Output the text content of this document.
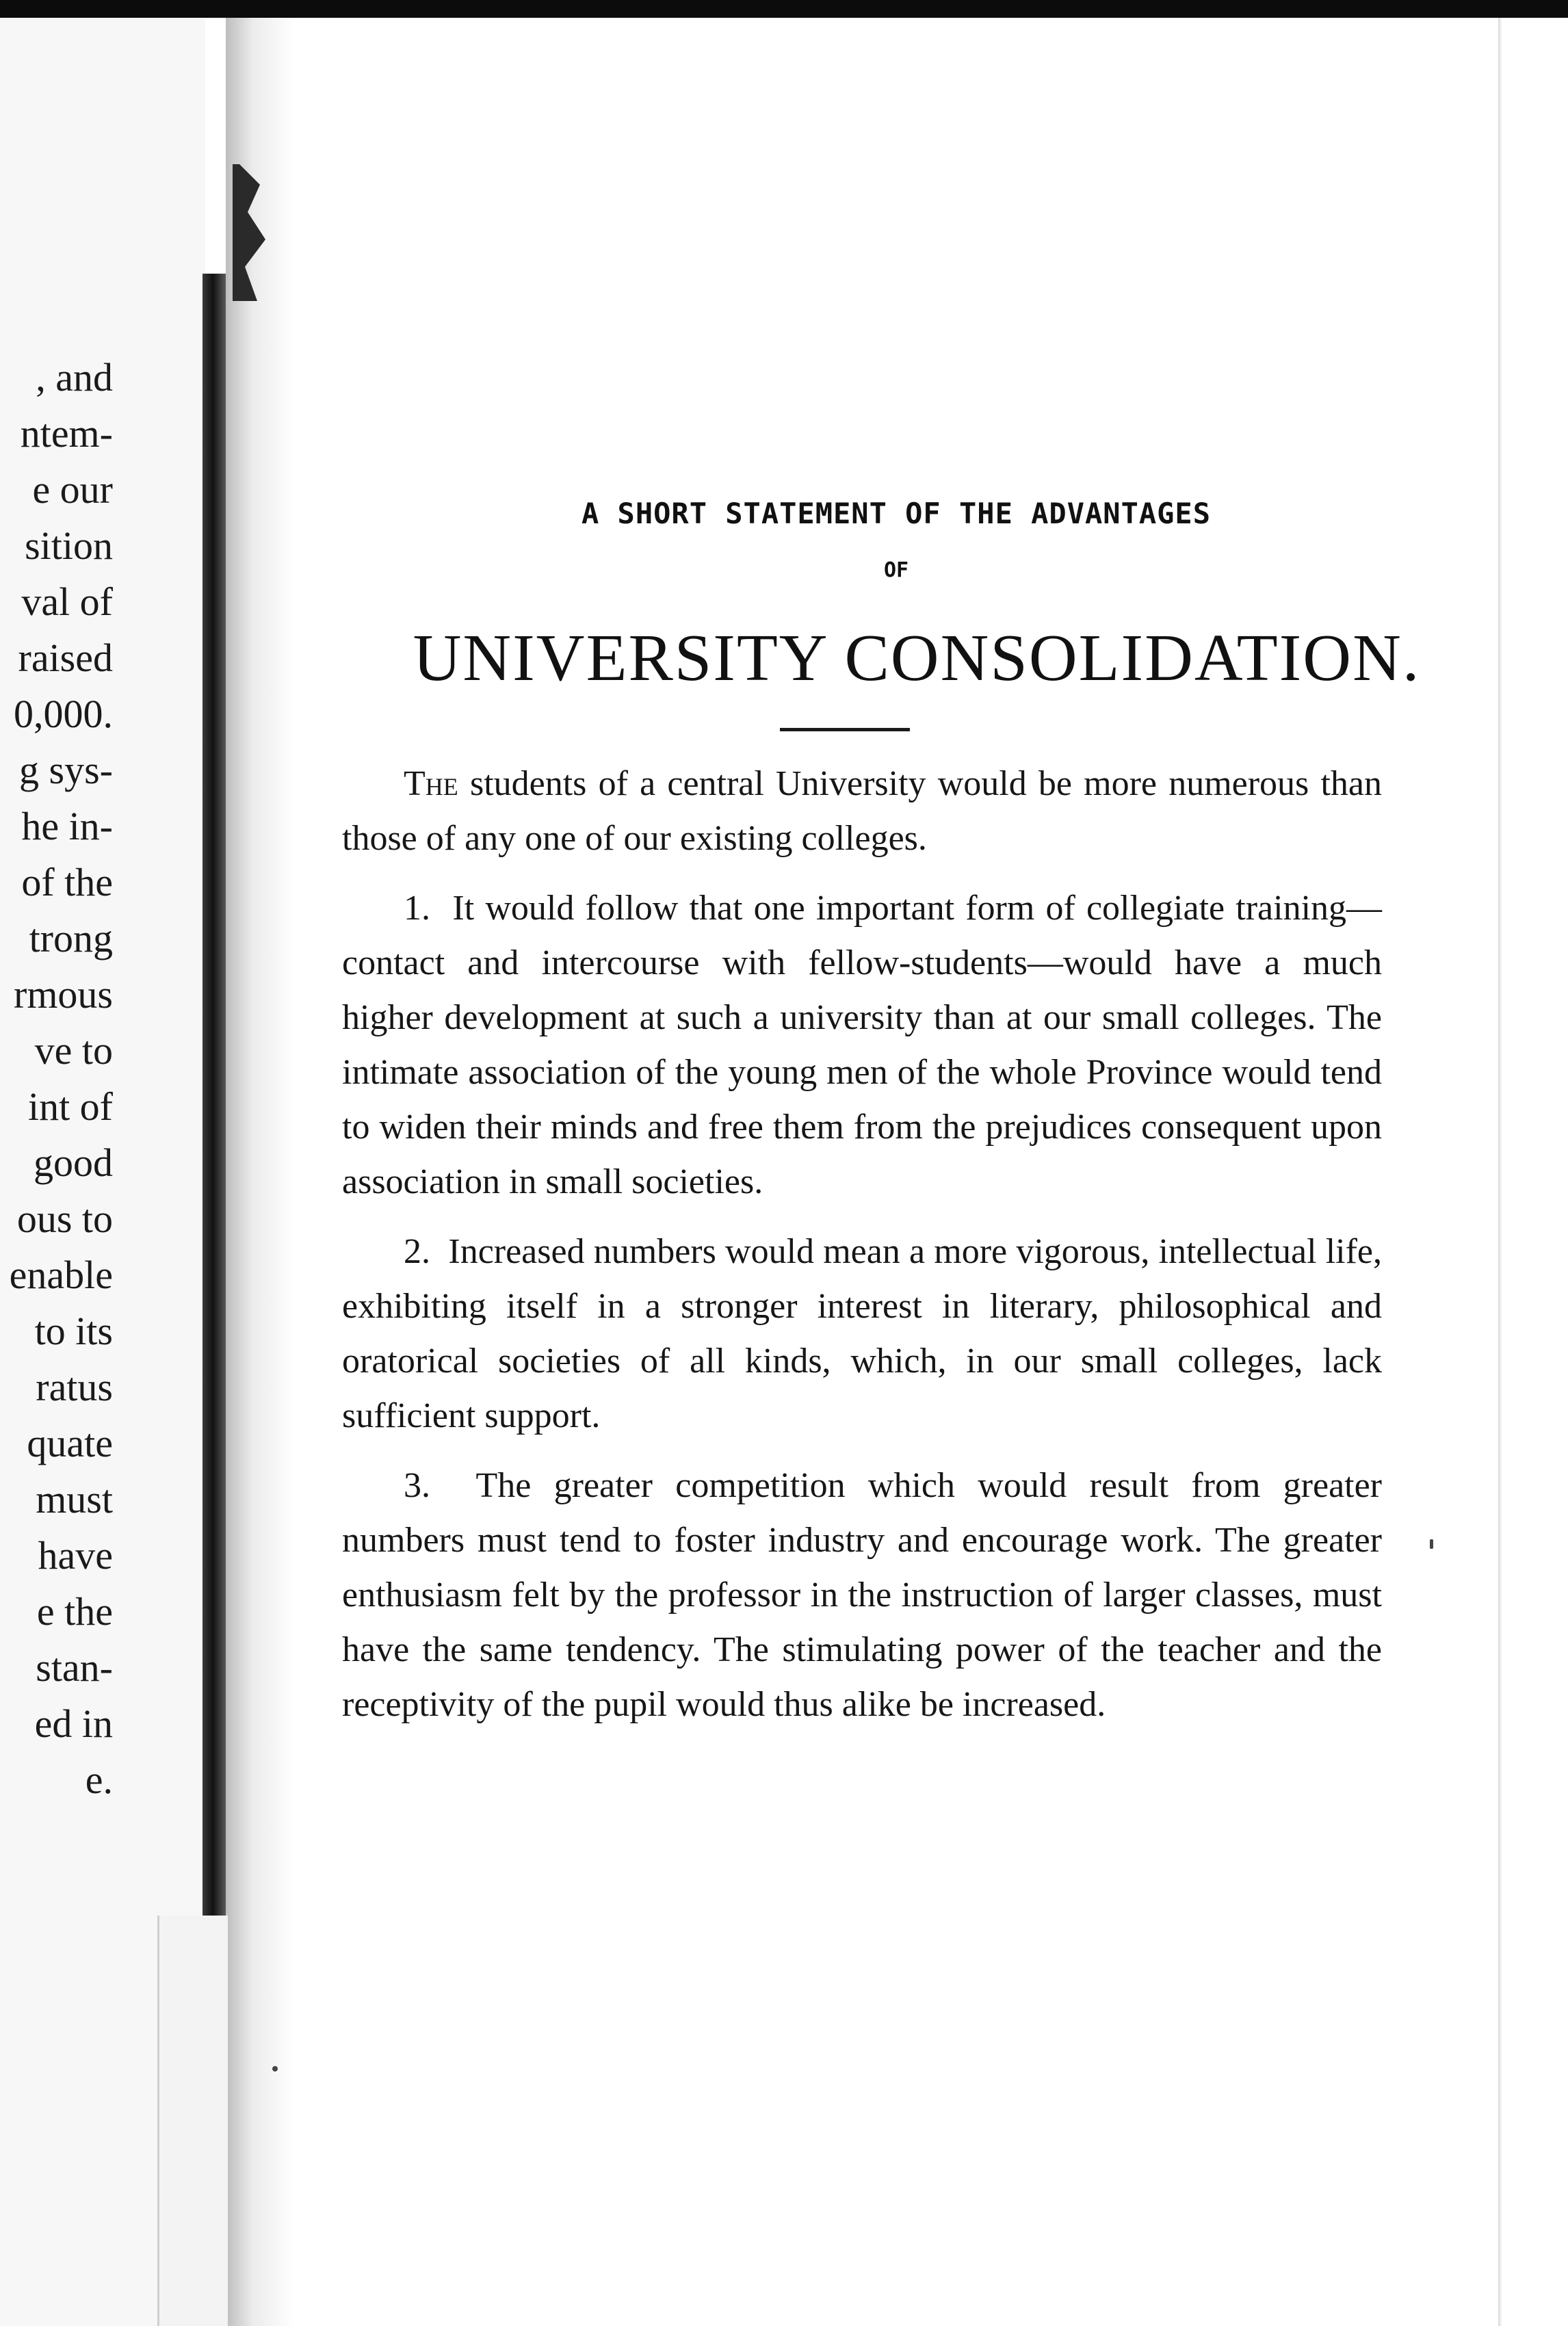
, and
ntem-
e our
sition
val of
raised
0,000.
g sys-
he in-
of the
trong
rmous
ve to
int of
good
ous to
enable
to its
ratus
quate
must
have
e the
stan-
ed in
e.
A SHORT STATEMENT OF THE ADVANTAGES
OF
UNIVERSITY CONSOLIDATION.

The students of a central University would be more numerous than those of any one of our existing colleges.

1. It would follow that one important form of collegiate training—contact and intercourse with fellow-students—would have a much higher development at such a university than at our small colleges. The intimate association of the young men of the whole Province would tend to widen their minds and free them from the prejudices consequent upon association in small societies.

2. Increased numbers would mean a more vigorous, intellectual life, exhibiting itself in a stronger interest in literary, philosophical and oratorical societies of all kinds, which, in our small colleges, lack sufficient support.

3. The greater competition which would result from greater numbers must tend to foster industry and encourage work. The greater enthusiasm felt by the professor in the instruction of larger classes, must have the same tendency. The stimulating power of the teacher and the receptivity of the pupil would thus alike be increased.
